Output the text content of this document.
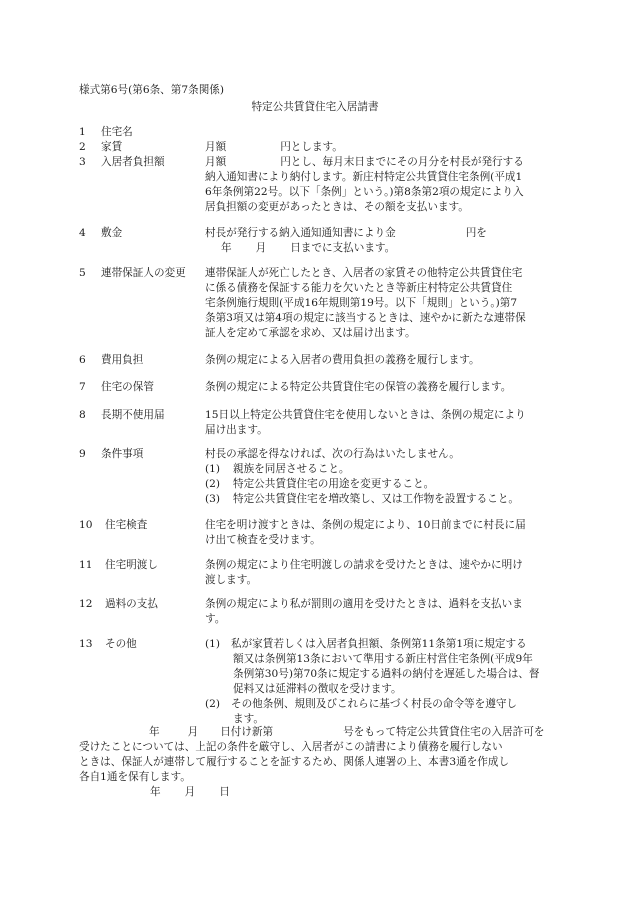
様式第6号(第6条、第7条関係)
特定公共賃貸住宅入居請書
1 住宅名
2 家賃	月額	円とします。
3 入居者負担額	月額	円とし、毎月末日までにその月分を村長が発行する
納入通知書により納付します。新庄村特定公共賃貸住宅条例(平成1
6年条例第22号。以下「条例」という。)第8条第2項の規定により入
居負担額の変更があったときは、その額を支払います。
4 敷金	村長が発行する納入通知通知書により金	円を
年 月 日までに支払います。
5 連帯保証人の変更 連帯保証人が死亡したとき、入居者の家賃その他特定公共賃貸住宅
に係る債務を保証する能力を欠いたとき等新庄村特定公共賃貸住
宅条例施行規則(平成16年規則第19号。以下「規則」という。)第7
条第3項又は第4項の規定に該当するときは、速やかに新たな連帯保
証人を定めて承認を求め、又は届け出ます。
6 費用負担	条例の規定による入居者の費用負担の義務を履行します。
7 住宅の保管	条例の規定による特定公共賃貸住宅の保管の義務を履行します。
8 長期不使用届	15日以上特定公共賃貸住宅を使用しないときは、条例の規定により
届け出ます。
9 条件事項	村長の承認を得なければ、次の行為はいたしません。
(1) 親族を同居させること。
(2) 特定公共賃貸住宅の用途を変更すること。
(3) 特定公共賃貸住宅を増改築し、又は工作物を設置すること。
10 住宅検査	住宅を明け渡すときは、条例の規定により、10日前までに村長に届
け出て検査を受けます。
11 住宅明渡し	条例の規定により住宅明渡しの請求を受けたときは、速やかに明け
渡します。
12 過料の支払	条例の規定により私が罰則の適用を受けたときは、過料を支払いま
す。
13 その他	(1) 私が家賃若しくは入居者負担額、条例第11条第1項に規定する
額又は条例第13条において準用する新庄村営住宅条例(平成9年
条例第30号)第70条に規定する過料の納付を遅延した場合は、督
促料又は延滞料の徴収を受けます。
(2) その他条例、規則及びこれらに基づく村長の命令等を遵守し
ます。
年	月 日付け新第	号をもって特定公共賃貸住宅の入居許可を
受けたことについては、上記の条件を厳守し、入居者がこの請書により債務を履行しない
ときは、保証人が連帯して履行することを証するため、関係人連署の上、本書3通を作成し
各自1通を保有します。
年 月 日
